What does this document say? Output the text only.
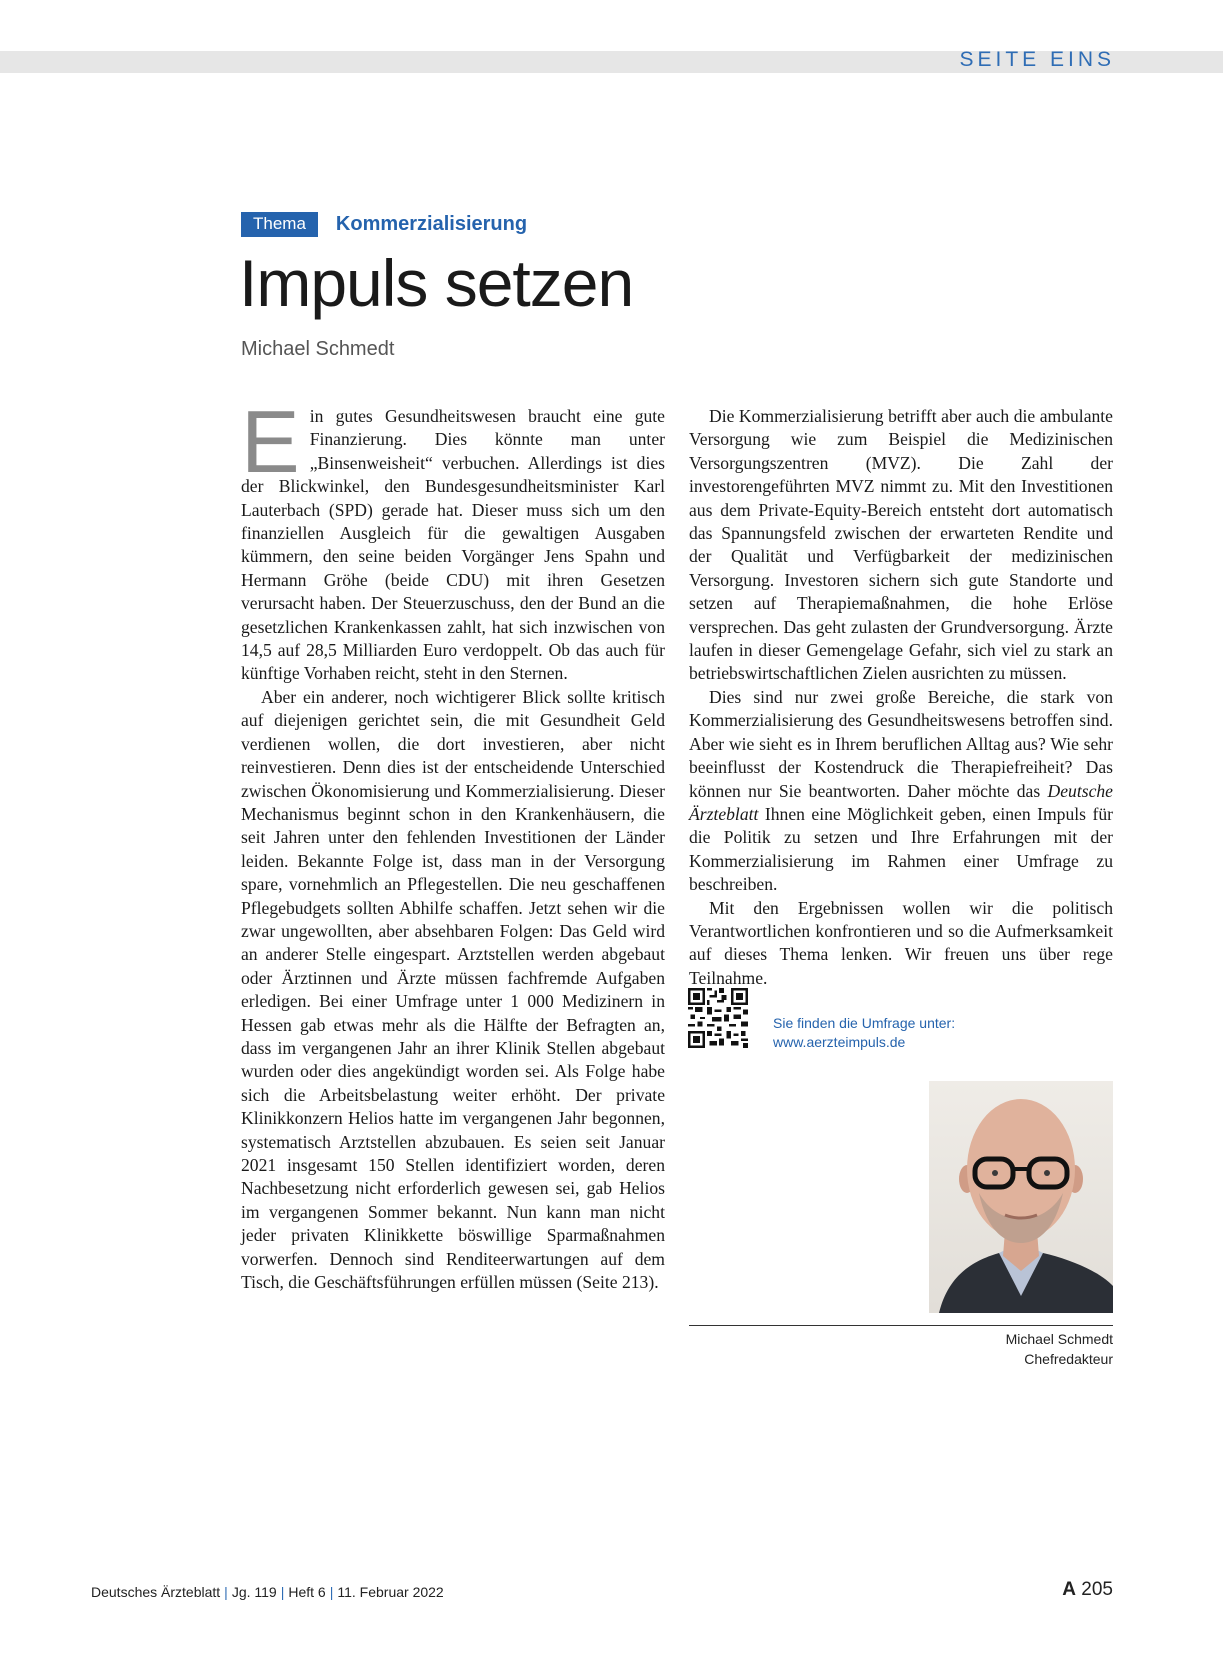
SEITE EINS
Thema	Kommerzialisierung
Impuls setzen
Michael Schmedt

Ein gutes Gesundheitswesen braucht eine gute Finanzierung. Dies könnte man unter „Binsenweisheit“ verbuchen. Allerdings ist dies der Blickwinkel, den Bundesgesundheitsminister Karl Lauterbach (SPD) gerade hat. Dieser muss sich um den finanziellen Ausgleich für die gewaltigen Ausgaben kümmern, den seine beiden Vorgänger Jens Spahn und Hermann Gröhe (beide CDU) mit ihren Gesetzen verursacht haben. Der Steuerzuschuss, den der Bund an die gesetzlichen Krankenkassen zahlt, hat sich inzwischen von 14,5 auf 28,5 Milliarden Euro verdoppelt. Ob das auch für künftige Vorhaben reicht, steht in den Sternen.

Aber ein anderer, noch wichtigerer Blick sollte kritisch auf diejenigen gerichtet sein, die mit Gesundheit Geld verdienen wollen, die dort investieren, aber nicht reinvestieren. Denn dies ist der entscheidende Unterschied zwischen Ökonomisierung und Kommerzialisierung. Dieser Mechanismus beginnt schon in den Krankenhäusern, die seit Jahren unter den fehlenden Investitionen der Länder leiden. Bekannte Folge ist, dass man in der Versorgung spare, vornehmlich an Pflegestellen. Die neu geschaffenen Pflegebudgets sollten Abhilfe schaffen. Jetzt sehen wir die zwar ungewollten, aber absehbaren Folgen: Das Geld wird an anderer Stelle eingespart. Arztstellen werden abgebaut oder Ärztinnen und Ärzte müssen fachfremde Aufgaben erledigen. Bei einer Umfrage unter 1 000 Medizinern in Hessen gab etwas mehr als die Hälfte der Befragten an, dass im vergangenen Jahr an ihrer Klinik Stellen abgebaut wurden oder dies angekündigt worden sei. Als Folge habe sich die Arbeitsbelastung weiter erhöht. Der private Klinikkonzern Helios hatte im vergangenen Jahr begonnen, systematisch Arztstellen abzubauen. Es seien seit Januar 2021 insgesamt 150 Stellen identifiziert worden, deren Nachbesetzung nicht erforderlich gewesen sei, gab Helios im vergangenen Sommer bekannt. Nun kann man nicht jeder privaten Klinikkette böswillige Sparmaßnahmen vorwerfen. Dennoch sind Renditeerwartungen auf dem Tisch, die Geschäftsführungen erfüllen müssen (Seite 213).

Die Kommerzialisierung betrifft aber auch die ambulante Versorgung wie zum Beispiel die Medizinischen Versorgungszentren (MVZ). Die Zahl der investorengeführten MVZ nimmt zu. Mit den Investitionen aus dem Private-Equity-Bereich entsteht dort automatisch das Spannungsfeld zwischen der erwarteten Rendite und der Qualität und Verfügbarkeit der medizinischen Versorgung. Investoren sichern sich gute Standorte und setzen auf Therapiemaßnahmen, die hohe Erlöse versprechen. Das geht zulasten der Grundversorgung. Ärzte laufen in dieser Gemengelage Gefahr, sich viel zu stark an betriebswirtschaftlichen Zielen ausrichten zu müssen.

Dies sind nur zwei große Bereiche, die stark von Kommerzialisierung des Gesundheitswesens betroffen sind. Aber wie sieht es in Ihrem beruflichen Alltag aus? Wie sehr beeinflusst der Kostendruck die Therapiefreiheit? Das können nur Sie beantworten. Daher möchte das Deutsche Ärzteblatt Ihnen eine Möglichkeit geben, einen Impuls für die Politik zu setzen und Ihre Erfahrungen mit der Kommerzialisierung im Rahmen einer Umfrage zu beschreiben.

Mit den Ergebnissen wollen wir die politisch Verantwortlichen konfrontieren und so die Aufmerksamkeit auf dieses Thema lenken. Wir freuen uns über rege Teilnahme.

Sie finden die Umfrage unter:
www.aerzteimpuls.de
Michael Schmedt
Chefredakteur
Deutsches Ärzteblatt | Jg. 119 | Heft 6 | 11. Februar 2022	A 205
